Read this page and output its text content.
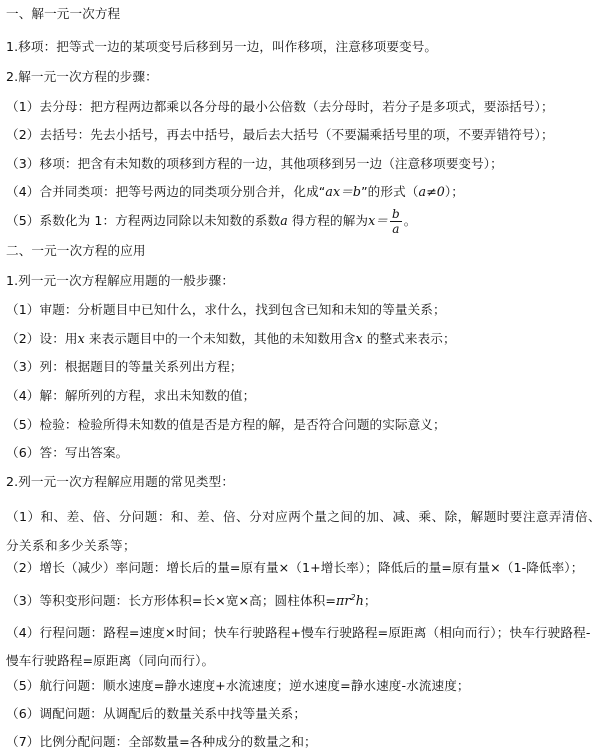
一、解一元一次方程
1.移项：把等式一边的某项变号后移到另一边，叫作移项，注意移项要变号。
2.解一元一次方程的步骤：
（1）去分母：把方程两边都乘以各分母的最小公倍数（去分母时，若分子是多项式，要添括号）；
（2）去括号：先去小括号，再去中括号，最后去大括号（不要漏乘括号里的项，不要弄错符号）；
（3）移项：把含有未知数的项移到方程的一边，其他项移到另一边（注意移项要变号）；
（4）合并同类项：把等号两边的同类项分别合并，化成“ax＝b”的形式（a≠0）；
（5）系数化为 1：方程两边同除以未知数的系数a 得方程的解为$x= \frac{b}{a}$ 。
二、一元一次方程的应用
1.列一元一次方程解应用题的一般步骤：
（1）审题：分析题目中已知什么，求什么，找到包含已知和未知的等量关系；
（2）设：用x 来表示题目中的一个未知数，其他的未知数用含x 的整式来表示；
（3）列：根据题目的等量关系列出方程；
（4）解：解所列的方程，求出未知数的值；
（5）检验：检验所得未知数的值是否是方程的解，是否符合问题的实际意义；
（6）答：写出答案。
2.列一元一次方程解应用题的常见类型：
（1）和、差、倍、分问题：和、差、倍、分对应两个量之间的加、减、乘、除，解题时要注意弄清倍、分关系和多少关系等；
（2）增长（减少）率问题：增长后的量=原有量×（1+增长率）；降低后的量=原有量×（1-降低率）；
（3）等积变形问题：长方形体积=长×宽×高；圆柱体积$=\pi r^2h$；
（4）行程问题：路程=速度×时间；快车行驶路程+慢车行驶路程=原距离（相向而行）；快车行驶路程-慢车行驶路程=原距离（同向而行）。
（5）航行问题：顺水速度=静水速度+水流速度；逆水速度=静水速度-水流速度；
（6）调配问题：从调配后的数量关系中找等量关系；
（7）比例分配问题：全部数量=各种成分的数量之和；
